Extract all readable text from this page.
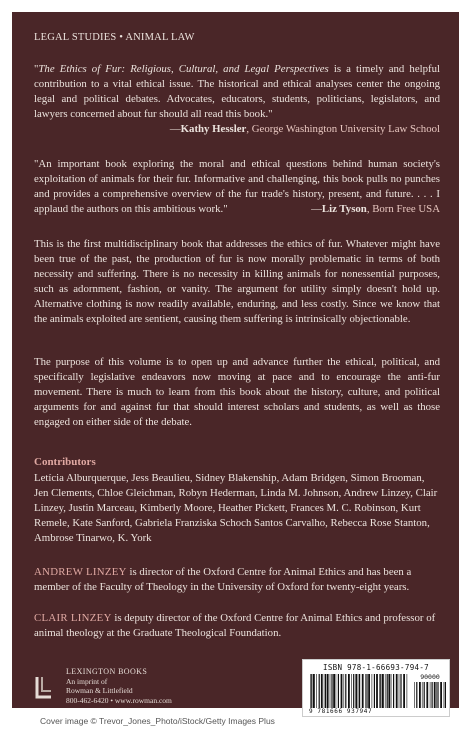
LEGAL STUDIES • ANIMAL LAW
"The Ethics of Fur: Religious, Cultural, and Legal Perspectives is a timely and helpful contribution to a vital ethical issue. The historical and ethical analyses center the ongoing legal and political debates. Advocates, educators, students, politicians, legislators, and lawyers concerned about fur should all read this book."
—Kathy Hessler, George Washington University Law School
"An important book exploring the moral and ethical questions behind human society's exploitation of animals for their fur. Informative and challenging, this book pulls no punches and provides a comprehensive overview of the fur trade's history, present, and future. . . . I applaud the authors on this ambitious work."	—Liz Tyson, Born Free USA

This is the first multidisciplinary book that addresses the ethics of fur. Whatever might have been true of the past, the production of fur is now morally problematic in terms of both necessity and suffering. There is no necessity in killing animals for nonessential purposes, such as adornment, fashion, or vanity. The argument for utility simply doesn't hold up. Alternative clothing is now readily available, enduring, and less costly. Since we know that the animals exploited are sentient, causing them suffering is intrinsically objectionable.

The purpose of this volume is to open up and advance further the ethical, political, and specifically legislative endeavors now moving at pace and to encourage the anti-fur movement. There is much to learn from this book about the history, culture, and political arguments for and against fur that should interest scholars and students, as well as those engaged on either side of the debate.

Contributors

Letícia Alburquerque, Jess Beaulieu, Sidney Blakenship, Adam Bridgen, Simon Brooman, Jen Clements, Chloe Gleichman, Robyn Hederman, Linda M. Johnson, Andrew Linzey, Clair Linzey, Justin Marceau, Kimberly Moore, Heather Pickett, Frances M. C. Robinson, Kurt Remele, Kate Sanford, Gabriela Franziska Schoch Santos Carvalho, Rebecca Rose Stanton, Ambrose Tinarwo, K. York

ANDREW LINZEY is director of the Oxford Centre for Animal Ethics and has been a member of the Faculty of Theology in the University of Oxford for twenty-eight years.

CLAIR LINZEY is deputy director of the Oxford Centre for Animal Ethics and professor of animal theology at the Graduate Theological Foundation.

LEXINGTON BOOKS
An imprint of
Rowman & Littlefield
800-462-6420 • www.rowman.com
ISBN 978-1-66693-794-7
90000
9 781666 937947
Cover image © Trevor_Jones_Photo/iStock/Getty Images Plus
